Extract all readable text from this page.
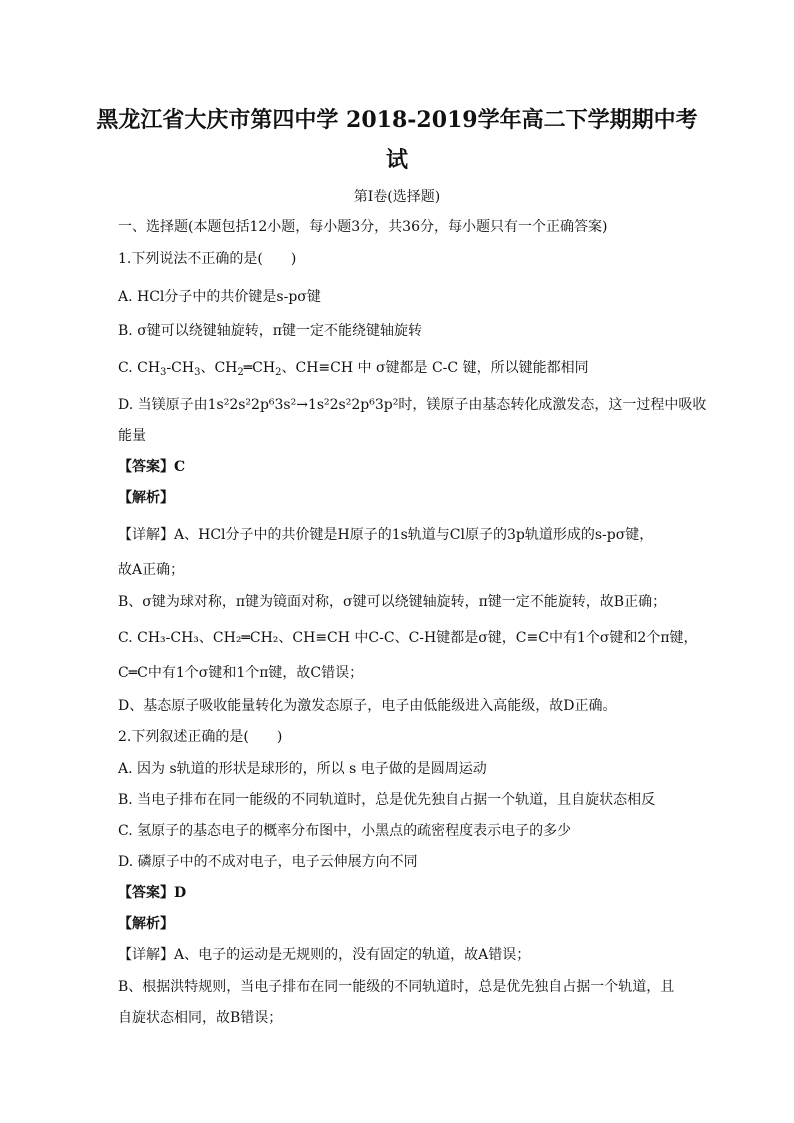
黑龙江省大庆市第四中学 2018-2019学年高二下学期期中考
试
第Ⅰ卷(选择题)
一、选择题(本题包括12小题，每小题3分，共36分，每小题只有一个正确答案)
1.下列说法不正确的是(　　)
A. HCl分子中的共价键是s-pσ键
B. σ键可以绕键轴旋转，π键一定不能绕键轴旋转
C. $CH_3-CH_3$、$CH_2═CH_2$、CH≡CH 中 σ键都是 C-C 键，所以键能都相同
D. 当镁原子由1s²2s²2p⁶3s²→1s²2s²2p⁶3p²时，镁原子由基态转化成激发态，这一过程中吸收
能量
【答案】C
【解析】
【详解】A、HCl分子中的共价键是H原子的1s轨道与Cl原子的3p轨道形成的s-pσ键，
故A正确；
B、σ键为球对称，π键为镜面对称，σ键可以绕键轴旋转，π键一定不能旋转，故B正确；
C. CH₃-CH₃、CH₂═CH₂、CH≡CH 中C-C、C-H键都是σ键，C≡C中有1个σ键和2个π键，
C═C中有1个σ键和1个π键，故C错误；
D、基态原子吸收能量转化为激发态原子，电子由低能级进入高能级，故D正确。
2.下列叙述正确的是(　　)
A. 因为 s轨道的形状是球形的，所以 s 电子做的是圆周运动
B. 当电子排布在同一能级的不同轨道时，总是优先独自占据一个轨道，且自旋状态相反
C. 氢原子的基态电子的概率分布图中，小黑点的疏密程度表示电子的多少
D. 磷原子中的不成对电子，电子云伸展方向不同
【答案】D
【解析】
【详解】A、电子的运动是无规则的，没有固定的轨道，故A错误；
B、根据洪特规则，当电子排布在同一能级的不同轨道时，总是优先独自占据一个轨道，且
自旋状态相同，故B错误；
